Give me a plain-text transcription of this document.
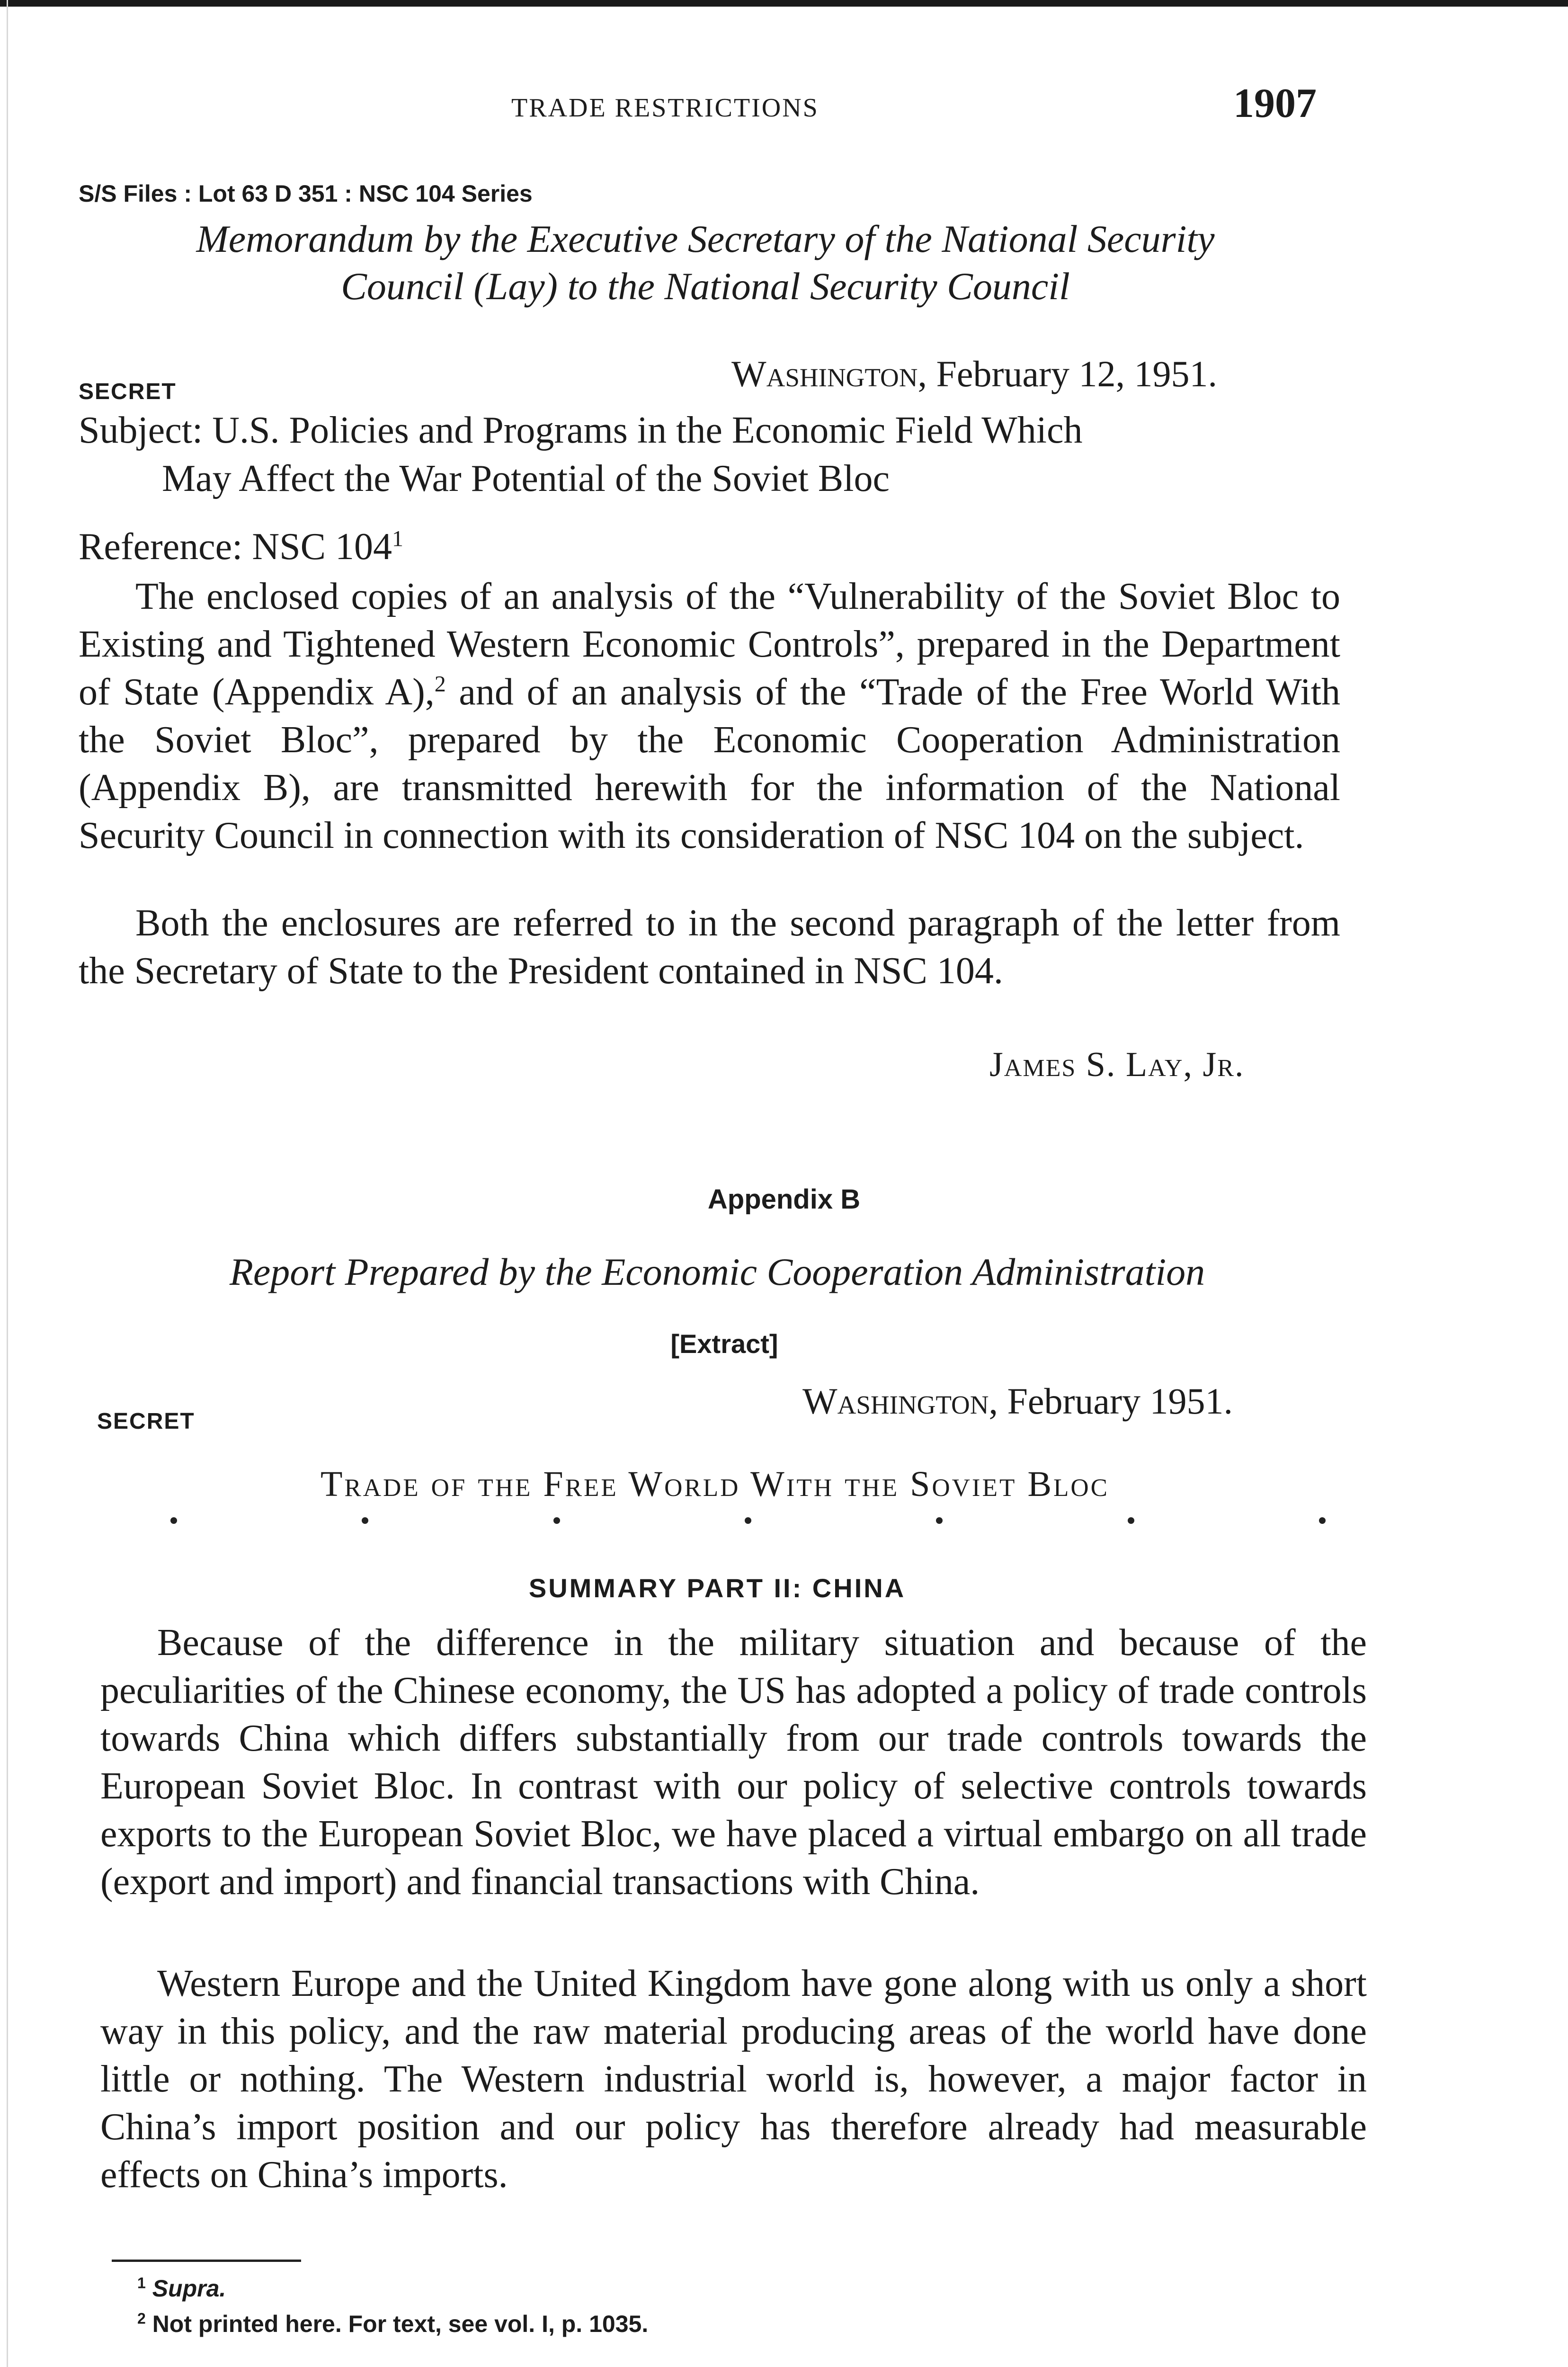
TRADE RESTRICTIONS	1907
S/S Files : Lot 63 D 351 : NSC 104 Series
Memorandum by the Executive Secretary of the National Security
Council (Lay) to the National Security Council
SECRET	Washington, February 12, 1951.
Subject: U.S. Policies and Programs in the Economic Field Which
May Affect the War Potential of the Soviet Bloc
Reference: NSC $104^1$

The enclosed copies of an analysis of the “Vulnerability of the Soviet Bloc to Existing and Tightened Western Economic Controls”, prepared in the Department of State (Appendix A),$^2$ and of an analysis of the “Trade of the Free World With the Soviet Bloc”, prepared by the Economic Cooperation Administration (Appendix B), are transmitted herewith for the information of the National Security Council in connection with its consideration of NSC 104 on the subject.

Both the enclosures are referred to in the second paragraph of the letter from the Secretary of State to the President contained in NSC 104.

James S. Lay, Jr.
Appendix B
Report Prepared by the Economic Cooperation Administration
[Extract]
SECRET	Washington, February 1951.
Trade of the Free World With the Soviet Bloc
SUMMARY PART II: CHINA

Because of the difference in the military situation and because of the peculiarities of the Chinese economy, the US has adopted a policy of trade controls towards China which differs substantially from our trade controls towards the European Soviet Bloc. In contrast with our policy of selective controls towards exports to the European Soviet Bloc, we have placed a virtual embargo on all trade (export and import) and financial transactions with China.

Western Europe and the United Kingdom have gone along with us only a short way in this policy, and the raw material producing areas of the world have done little or nothing. The Western industrial world is, however, a major factor in China’s import position and our policy has therefore already had measurable effects on China’s imports.

$^1$ Supra.
$^2$ Not printed here. For text, see vol. I, p. 1035.
